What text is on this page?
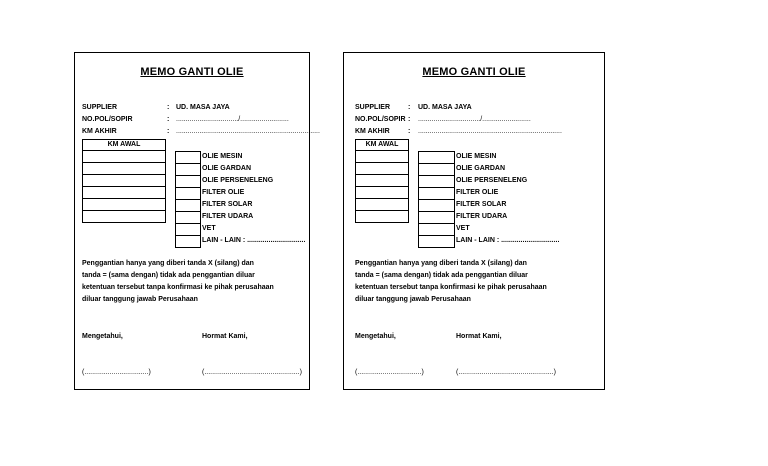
MEMO GANTI OLIE
SUPPLIER	: UD. MASA JAYA
NO.POL/SOPIR	: ................................/.........................
KM AKHIR	: ..........................................................................
KM AWAL
OLIE MESIN
OLIE GARDAN
OLIE PERSENELENG
FILTER OLIE
FILTER SOLAR
FILTER UDARA
VET
LAIN - LAIN : ..............................
Penggantian hanya yang diberi tanda X (silang) dan
tanda = (sama dengan) tidak ada penggantian diluar
ketentuan tersebut tanpa konfirmasi ke pihak perusahaan
diluar tanggung jawab Perusahaan
Mengetahui,	Hormat Kami,
(.................................)	(.................................................)
MEMO GANTI OLIE
SUPPLIER	: UD. MASA JAYA
NO.POL/SOPIR : ................................/.........................
KM AKHIR	: ..........................................................................
KM AWAL
OLIE MESIN
OLIE GARDAN
OLIE PERSENELENG
FILTER OLIE
FILTER SOLAR
FILTER UDARA
VET
LAIN - LAIN : ..............................
Penggantian hanya yang diberi tanda X (silang) dan
tanda = (sama dengan) tidak ada penggantian diluar
ketentuan tersebut tanpa konfirmasi ke pihak perusahaan
diluar tanggung jawab Perusahaan
Mengetahui,	Hormat Kami,
(.................................)	(.................................................)
